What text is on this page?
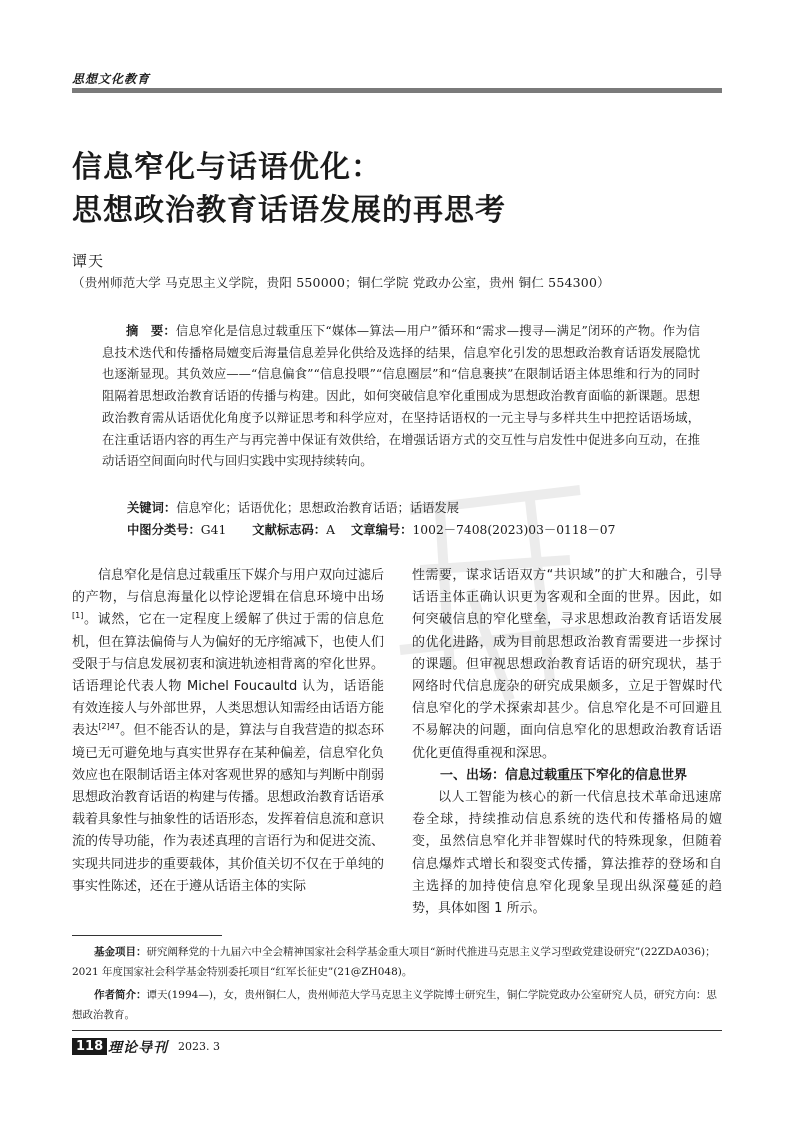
思想文化教育
信息窄化与话语优化：
思想政治教育话语发展的再思考
谭天
（贵州师范大学 马克思主义学院，贵阳 550000；铜仁学院 党政办公室，贵州 铜仁 554300）
摘　要：信息窄化是信息过载重压下“媒体—算法—用户”循环和“需求—搜寻—满足”闭环的产物。作为信息技术迭代和传播格局嬗变后海量信息差异化供给及选择的结果，信息窄化引发的思想政治教育话语发展隐忧也逐渐显现。其负效应——“信息偏食”“信息投喂”“信息圈层”和“信息裹挟”在限制话语主体思维和行为的同时阻隔着思想政治教育话语的传播与构建。因此，如何突破信息窄化重围成为思想政治教育面临的新课题。思想政治教育需从话语优化角度予以辩证思考和科学应对，在坚持话语权的一元主导与多样共生中把控话语场域，在注重话语内容的再生产与再完善中保证有效供给，在增强话语方式的交互性与启发性中促进多向互动，在推动话语空间面向时代与回归实践中实现持续转向。
关键词：信息窄化；话语优化；思想政治教育话语；话语发展
中图分类号：G41 文献标志码：A 文章编号：1002－7408(2023)03－0118－07

信息窄化是信息过载重压下媒介与用户双向过滤后的产物，与信息海量化以悖论逻辑在信息环境中出场[1]。诚然，它在一定程度上缓解了供过于需的信息危机，但在算法偏倚与人为偏好的无序缩减下，也使人们受限于与信息发展初衷和演进轨迹相背离的窄化世界。话语理论代表人物 Michel Foucaultd 认为，话语能有效连接人与外部世界，人类思想认知需经由话语方能表达$^{[2]47}$。但不能否认的是，算法与自我营造的拟态环境已无可避免地与真实世界存在某种偏差，信息窄化负效应也在限制话语主体对客观世界的感知与判断中削弱思想政治教育话语的构建与传播。思想政治教育话语承载着具象性与抽象性的话语形态，发挥着信息流和意识流的传导功能，作为表述真理的言语行为和促进交流、实现共同进步的重要载体，其价值关切不仅在于单纯的事实性陈述，还在于遵从话语主体的实际

性需要，谋求话语双方“共识域”的扩大和融合，引导话语主体正确认识更为客观和全面的世界。因此，如何突破信息的窄化壁垒，寻求思想政治教育话语发展的优化进路，成为目前思想政治教育需要进一步探讨的课题。但审视思想政治教育话语的研究现状，基于网络时代信息庞杂的研究成果颇多，立足于智媒时代信息窄化的学术探索却甚少。信息窄化是不可回避且不易解决的问题，面向信息窄化的思想政治教育话语优化更值得重视和深思。

一、出场：信息过载重压下窄化的信息世界

以人工智能为核心的新一代信息技术革命迅速席卷全球，持续推动信息系统的迭代和传播格局的嬗变，虽然信息窄化并非智媒时代的特殊现象，但随着信息爆炸式增长和裂变式传播，算法推荐的登场和自主选择的加持使信息窄化现象呈现出纵深蔓延的趋势，具体如图 1 所示。

基金项目：研究阐释党的十九届六中全会精神国家社会科学基金重大项目“新时代推进马克思主义学习型政党建设研究”(22ZDA036)；2021 年度国家社会科学基金特别委托项目“红军长征史”(21@ZH048)。

作者简介：谭天(1994—)，女，贵州铜仁人，贵州师范大学马克思主义学院博士研究生，铜仁学院党政办公室研究人员，研究方向：思想政治教育。

118 理论导刊 2023. 3
